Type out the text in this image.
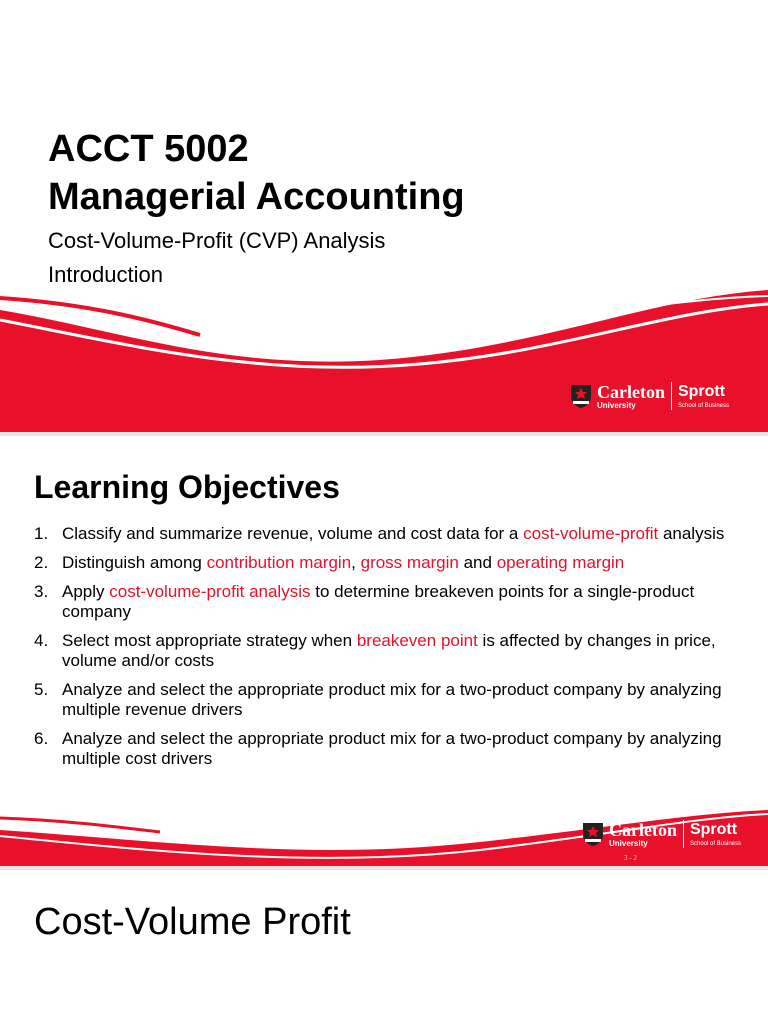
ACCT 5002
Managerial Accounting
Cost-Volume-Profit (CVP) Analysis
Introduction
Carleton
University
Sprott
School of Business
Learning Objectives
1. Classify and summarize revenue, volume and cost data for a cost-volume-profit analysis
2. Distinguish among contribution margin, gross margin and operating margin
3. Apply cost-volume-profit analysis to determine breakeven points for a single-product company
4. Select most appropriate strategy when breakeven point is affected by changes in price, volume and/or costs
5. Analyze and select the appropriate product mix for a two-product company by analyzing multiple revenue drivers
6. Analyze and select the appropriate product mix for a two-product company by analyzing multiple cost drivers
Carleton
University
Sprott
School of Business
3 - 2
Cost-Volume Profit
